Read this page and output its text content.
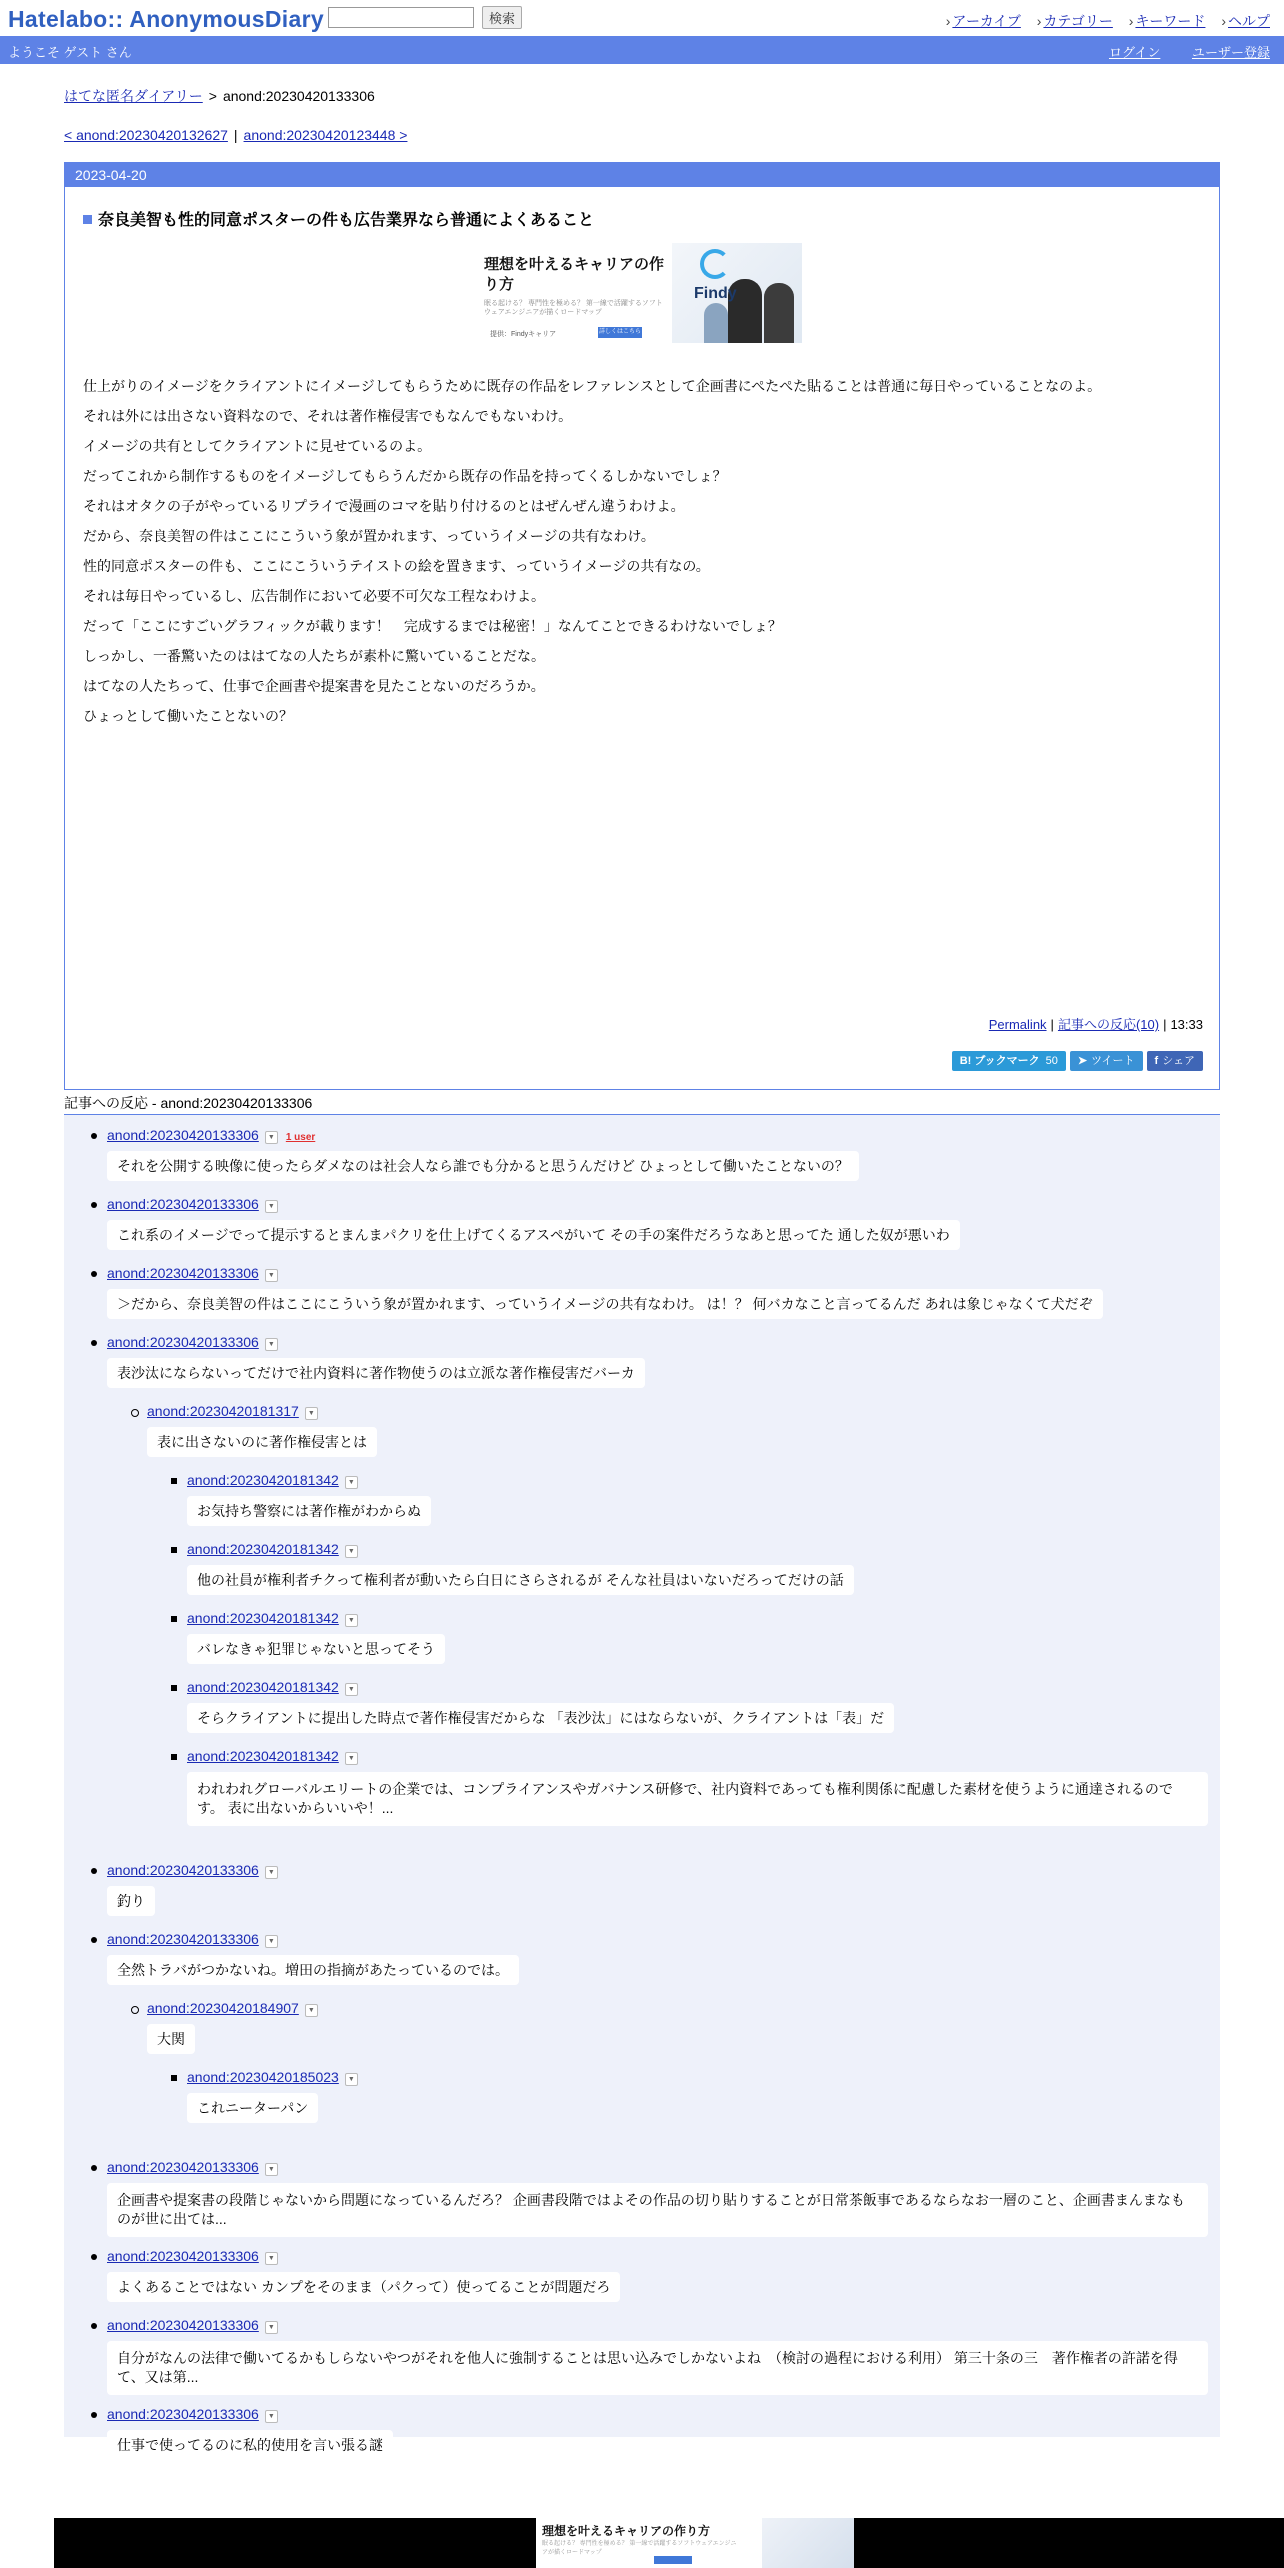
Hatelabo:: AnonymousDiary	検索	› アーカイブ › カテゴリー › キーワード › ヘルプ
ようこそ ゲスト さん	ログイン ユーザー登録
はてな匿名ダイアリー > anond:20230420133306
< anond:20230420132627 | anond:20230420123448 >
2023-04-20
奈良美智も性的同意ポスターの件も広告業界なら普通によくあること
理想を叶えるキャリアの作り方
眠る起ける？ 専門性を極める？ 第一線で活躍するソフトウェアエンジニアが描くロードマップ
提供：Findyキャリア	詳しくはこちら →
Findy

仕上がりのイメージをクライアントにイメージしてもらうために既存の作品をレファレンスとして企画書にぺたぺた貼ることは普通に毎日やっていることなのよ。

それは外には出さない資料なので、それは著作権侵害でもなんでもないわけ。

イメージの共有としてクライアントに見せているのよ。

だってこれから制作するものをイメージしてもらうんだから既存の作品を持ってくるしかないでしょ？

それはオタクの子がやっているリプライで漫画のコマを貼り付けるのとはぜんぜん違うわけよ。

だから、奈良美智の件はここにこういう象が置かれます、っていうイメージの共有なわけ。

性的同意ポスターの件も、ここにこういうテイストの絵を置きます、っていうイメージの共有なの。

それは毎日やっているし、広告制作において必要不可欠な工程なわけよ。

だって「ここにすごいグラフィックが載ります！　完成するまでは秘密！」なんてことできるわけないでしょ？

しっかし、一番驚いたのははてなの人たちが素朴に驚いていることだな。

はてなの人たちって、仕事で企画書や提案書を見たことないのだろうか。

ひょっとして働いたことないの？

Permalink | 記事への反応(10) | 13:33
B! ブックマーク 50 ➤ ツイート f シェア
記事への反応 - anond:20230420133306
anond:20230420133306 ▼ 1 user
それを公開する映像に使ったらダメなのは社会人なら誰でも分かると思うんだけど ひょっとして働いたことないの？
anond:20230420133306 ▼
これ系のイメージでって提示するとまんまパクリを仕上げてくるアスペがいて その手の案件だろうなあと思ってた 通した奴が悪いわ
anond:20230420133306 ▼
＞だから、奈良美智の件はここにこういう象が置かれます、っていうイメージの共有なわけ。 は！？ 何バカなこと言ってるんだ あれは象じゃなくて犬だぞ
anond:20230420133306 ▼
表沙汰にならないってだけで社内資料に著作物使うのは立派な著作権侵害だバーカ
anond:20230420181317 ▼
表に出さないのに著作権侵害とは
anond:20230420181342 ▼
お気持ち警察には著作権がわからぬ
anond:20230420181342 ▼
他の社員が権利者チクって権利者が動いたら白日にさらされるが そんな社員はいないだろってだけの話
anond:20230420181342 ▼
バレなきゃ犯罪じゃないと思ってそう
anond:20230420181342 ▼
そらクライアントに提出した時点で著作権侵害だからな 「表沙汰」にはならないが、クライアントは「表」だ
anond:20230420181342 ▼
われわれグローバルエリートの企業では、コンプライアンスやガバナンス研修で、社内資料であっても権利関係に配慮した素材を使うように通達されるのです。 表に出ないからいいや！...
anond:20230420133306 ▼
釣り
anond:20230420133306 ▼
全然トラバがつかないね。増田の指摘があたっているのでは。
anond:20230420184907 ▼
大関
anond:20230420185023 ▼
これニーターパン
anond:20230420133306 ▼
企画書や提案書の段階じゃないから問題になっているんだろ？ 企画書段階ではよその作品の切り貼りすることが日常茶飯事であるならなお一層のこと、企画書まんまなものが世に出ては...
anond:20230420133306 ▼
よくあることではない カンプをそのまま（パクって）使ってることが問題だろ
anond:20230420133306 ▼
自分がなんの法律で働いてるかもしらないやつがそれを他人に強制することは思い込みでしかないよね　（検討の過程における利用） 第三十条の三　著作権者の許諾を得て、又は第...
anond:20230420133306 ▼
仕事で使ってるのに私的使用を言い張る謎
理想を叶えるキャリアの作り方
眠る起ける？ 専門性を極める？ 第一線で活躍するソフトウェアエンジニアが描くロードマップ
